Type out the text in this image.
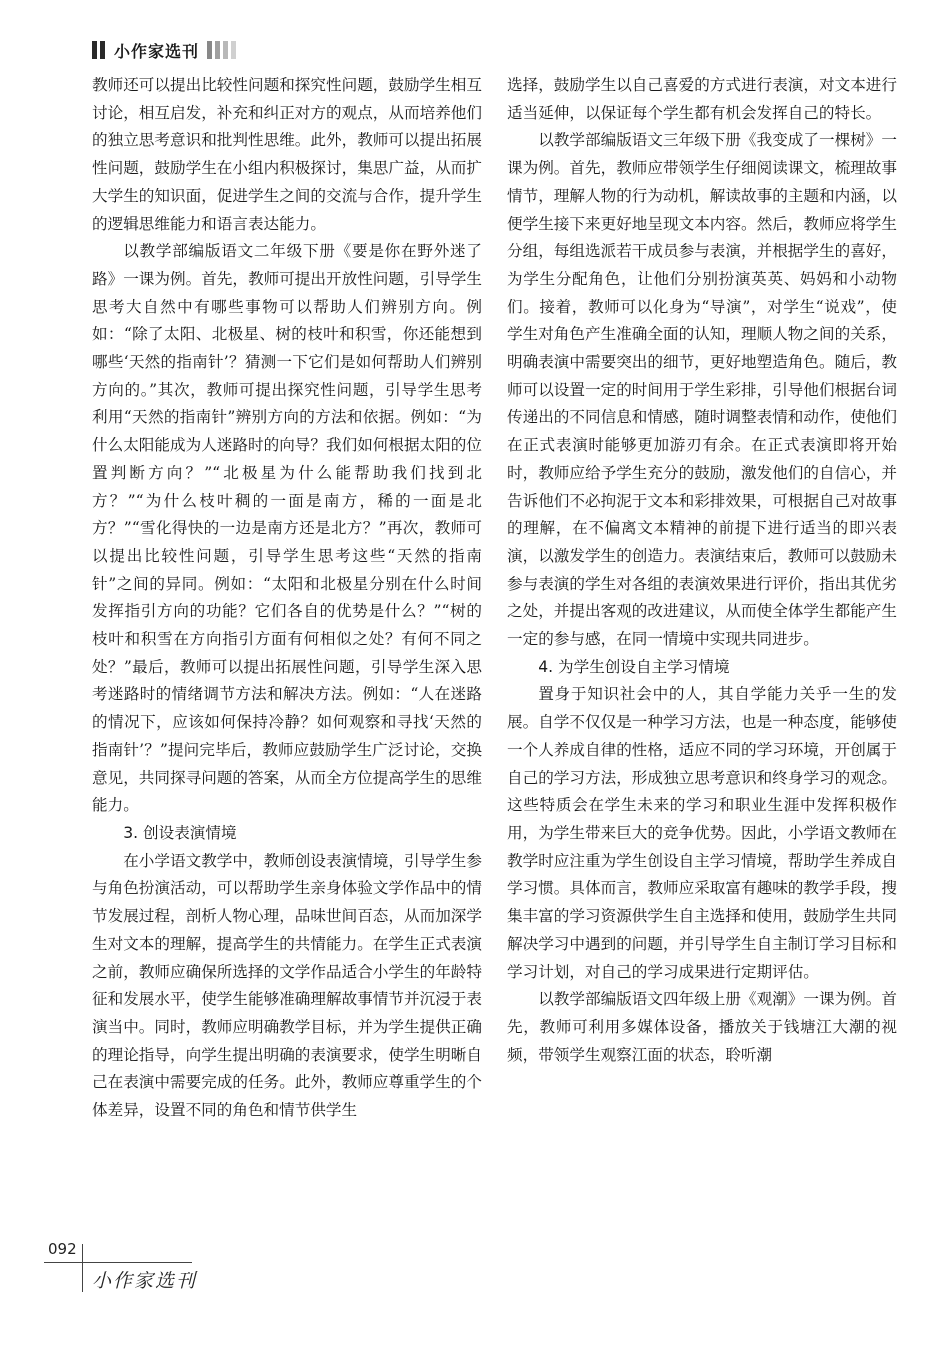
小作家选刊

教师还可以提出比较性问题和探究性问题，鼓励学生相互讨论，相互启发，补充和纠正对方的观点，从而培养他们的独立思考意识和批判性思维。此外，教师可以提出拓展性问题，鼓励学生在小组内积极探讨，集思广益，从而扩大学生的知识面，促进学生之间的交流与合作，提升学生的逻辑思维能力和语言表达能力。

以教学部编版语文二年级下册《要是你在野外迷了路》一课为例。首先，教师可提出开放性问题，引导学生思考大自然中有哪些事物可以帮助人们辨别方向。例如：“除了太阳、北极星、树的枝叶和积雪，你还能想到哪些‘天然的指南针’？猜测一下它们是如何帮助人们辨别方向的。”其次，教师可提出探究性问题，引导学生思考利用“天然的指南针”辨别方向的方法和依据。例如：“为什么太阳能成为人迷路时的向导？我们如何根据太阳的位置判断方向？”“北极星为什么能帮助我们找到北方？”“为什么枝叶稠的一面是南方，稀的一面是北方？”“雪化得快的一边是南方还是北方？”再次，教师可以提出比较性问题，引导学生思考这些“天然的指南针”之间的异同。例如：“太阳和北极星分别在什么时间发挥指引方向的功能？它们各自的优势是什么？”“树的枝叶和积雪在方向指引方面有何相似之处？有何不同之处？”最后，教师可以提出拓展性问题，引导学生深入思考迷路时的情绪调节方法和解决方法。例如：“人在迷路的情况下，应该如何保持冷静？如何观察和寻找‘天然的指南针’？”提问完毕后，教师应鼓励学生广泛讨论，交换意见，共同探寻问题的答案，从而全方位提高学生的思维能力。

3. 创设表演情境

在小学语文教学中，教师创设表演情境，引导学生参与角色扮演活动，可以帮助学生亲身体验文学作品中的情节发展过程，剖析人物心理，品味世间百态，从而加深学生对文本的理解，提高学生的共情能力。在学生正式表演之前，教师应确保所选择的文学作品适合小学生的年龄特征和发展水平，使学生能够准确理解故事情节并沉浸于表演当中。同时，教师应明确教学目标，并为学生提供正确的理论指导，向学生提出明确的表演要求，使学生明晰自己在表演中需要完成的任务。此外，教师应尊重学生的个体差异，设置不同的角色和情节供学生

选择，鼓励学生以自己喜爱的方式进行表演，对文本进行适当延伸，以保证每个学生都有机会发挥自己的特长。

以教学部编版语文三年级下册《我变成了一棵树》一课为例。首先，教师应带领学生仔细阅读课文，梳理故事情节，理解人物的行为动机，解读故事的主题和内涵，以便学生接下来更好地呈现文本内容。然后，教师应将学生分组，每组选派若干成员参与表演，并根据学生的喜好，为学生分配角色，让他们分别扮演英英、妈妈和小动物们。接着，教师可以化身为“导演”，对学生“说戏”，使学生对角色产生准确全面的认知，理顺人物之间的关系，明确表演中需要突出的细节，更好地塑造角色。随后，教师可以设置一定的时间用于学生彩排，引导他们根据台词传递出的不同信息和情感，随时调整表情和动作，使他们在正式表演时能够更加游刃有余。在正式表演即将开始时，教师应给予学生充分的鼓励，激发他们的自信心，并告诉他们不必拘泥于文本和彩排效果，可根据自己对故事的理解，在不偏离文本精神的前提下进行适当的即兴表演，以激发学生的创造力。表演结束后，教师可以鼓励未参与表演的学生对各组的表演效果进行评价，指出其优劣之处，并提出客观的改进建议，从而使全体学生都能产生一定的参与感，在同一情境中实现共同进步。

4. 为学生创设自主学习情境

置身于知识社会中的人，其自学能力关乎一生的发展。自学不仅仅是一种学习方法，也是一种态度，能够使一个人养成自律的性格，适应不同的学习环境，开创属于自己的学习方法，形成独立思考意识和终身学习的观念。这些特质会在学生未来的学习和职业生涯中发挥积极作用，为学生带来巨大的竞争优势。因此，小学语文教师在教学时应注重为学生创设自主学习情境，帮助学生养成自学习惯。具体而言，教师应采取富有趣味的教学手段，搜集丰富的学习资源供学生自主选择和使用，鼓励学生共同解决学习中遇到的问题，并引导学生自主制订学习目标和学习计划，对自己的学习成果进行定期评估。

以教学部编版语文四年级上册《观潮》一课为例。首先，教师可利用多媒体设备，播放关于钱塘江大潮的视频，带领学生观察江面的状态，聆听潮

092
小作家选刊
